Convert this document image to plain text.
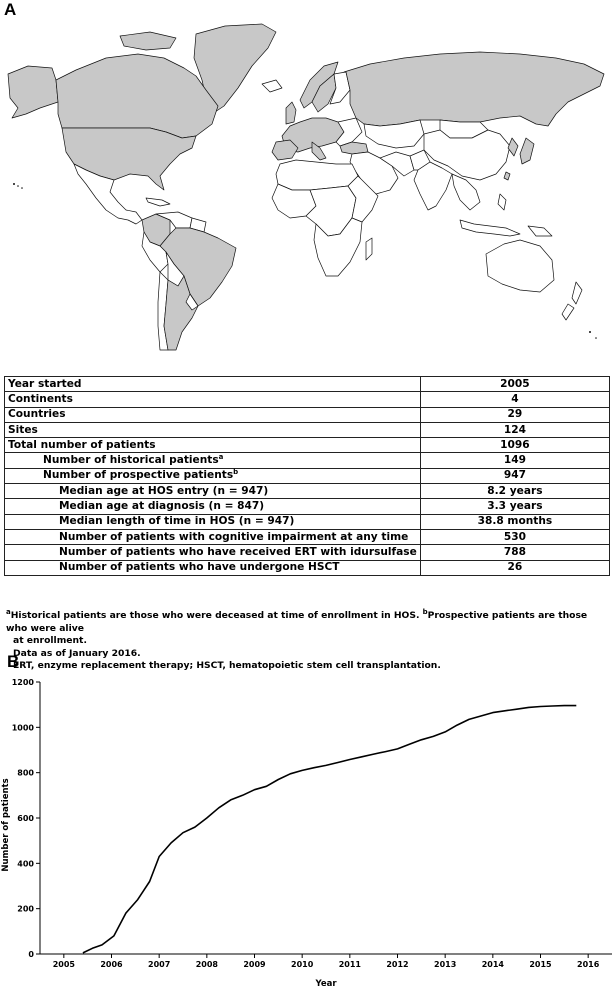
A
Year started	2005
Continents	4
Countries	29
Sites	124
Total number of patients	1096
Number of historical patients$^a$	149
Number of prospective patients$^b$	947
Median age at HOS entry (n = 947)	8.2 years
Median age at diagnosis (n = 847)	3.3 years
Median length of time in HOS (n = 947)	38.8 months
Number of patients with cognitive impairment at any time	530
Number of patients who have received ERT with idursulfase	788
Number of patients who have undergone HSCT	26
$^a$Historical patients are those who were deceased at time of enrollment in HOS. $^b$Prospective patients are those who were alive
at enrollment.
Data as of January 2016.
ERT, enzyme replacement therapy; HSCT, hematopoietic stem cell transplantation.
B
0
200
400
600
800
1000
1200
2005	2006	2007	2008	2009	2010	2011	2012	2013	2014	2015	2016
Number of patients
Year
